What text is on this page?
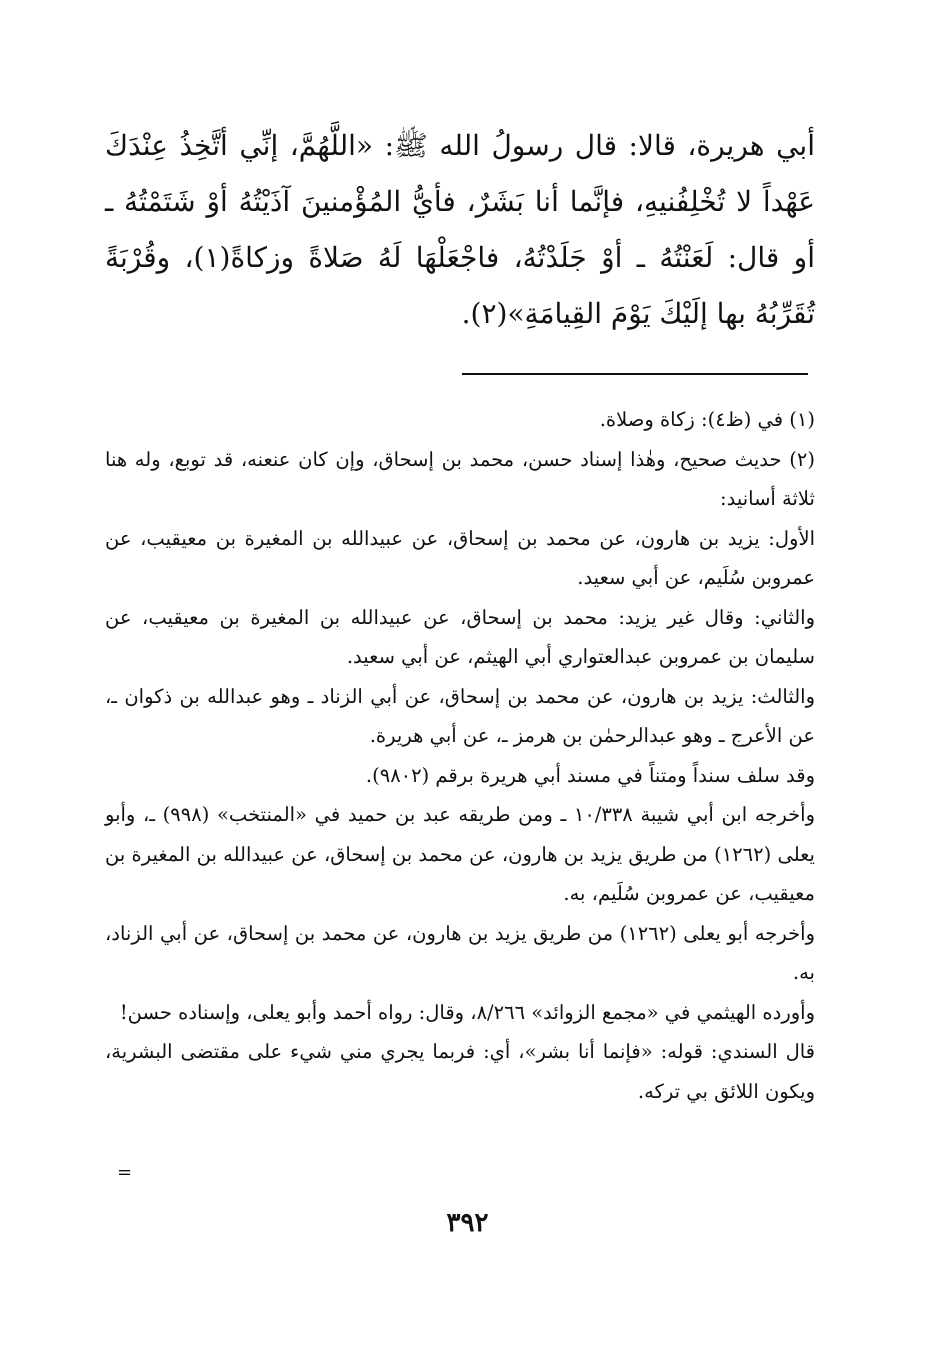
أبي هريرة، قالا: قال رسولُ الله ﷺ: «اللَّهُمَّ، إنِّي أتَّخِذُ عِنْدَكَ عَهْداً لا تُخْلِفُنيهِ، فإنَّما أنا بَشَرٌ، فأيُّ المُؤْمنينَ آذَيْتُهُ أوْ شَتَمْتُهُ ـ أو قال: لَعَنْتُهُ ـ أوْ جَلَدْتُهُ، فاجْعَلْهَا لَهُ صَلاةً وزكاةً(١)، وقُرْبَةً تُقَرِّبُهُ بها إلَيْكَ يَوْمَ القِيامَةِ»(٢).

(١) في (ظ٤): زكاة وصلاة.

(٢) حديث صحيح، وهٰذا إسناد حسن، محمد بن إسحاق، وإن كان عنعنه، قد توبع، وله هنا ثلاثة أسانيد:

الأول: يزيد بن هارون، عن محمد بن إسحاق، عن عبيدالله بن المغيرة بن معيقيب، عن عمروبن سُلَيم، عن أبي سعيد.

والثاني: وقال غير يزيد: محمد بن إسحاق، عن عبيدالله بن المغيرة بن معيقيب، عن سليمان بن عمروبن عبدالعتواري أبي الهيثم، عن أبي سعيد.

والثالث: يزيد بن هارون، عن محمد بن إسحاق، عن أبي الزناد ـ وهو عبدالله بن ذكوان ـ، عن الأعرج ـ وهو عبدالرحمٰن بن هرمز ـ، عن أبي هريرة.

وقد سلف سنداً ومتناً في مسند أبي هريرة برقم (٩٨٠٢).

وأخرجه ابن أبي شيبة ١٠/٣٣٨ ـ ومن طريقه عبد بن حميد في «المنتخب» (٩٩٨) ـ، وأبو يعلى (١٢٦٢) من طريق يزيد بن هارون، عن محمد بن إسحاق، عن عبيدالله بن المغيرة بن معيقيب، عن عمروبن سُلَيم، به.

وأخرجه أبو يعلى (١٢٦٢) من طريق يزيد بن هارون، عن محمد بن إسحاق، عن أبي الزناد، به.

وأورده الهيثمي في «مجمع الزوائد» ٨/٢٦٦، وقال: رواه أحمد وأبو يعلى، وإسناده حسن!

قال السندي: قوله: «فإنما أنا بشر»، أي: فربما يجري مني شيء على مقتضى البشرية، ويكون اللائق بي تركه.

=
٣٩٢
